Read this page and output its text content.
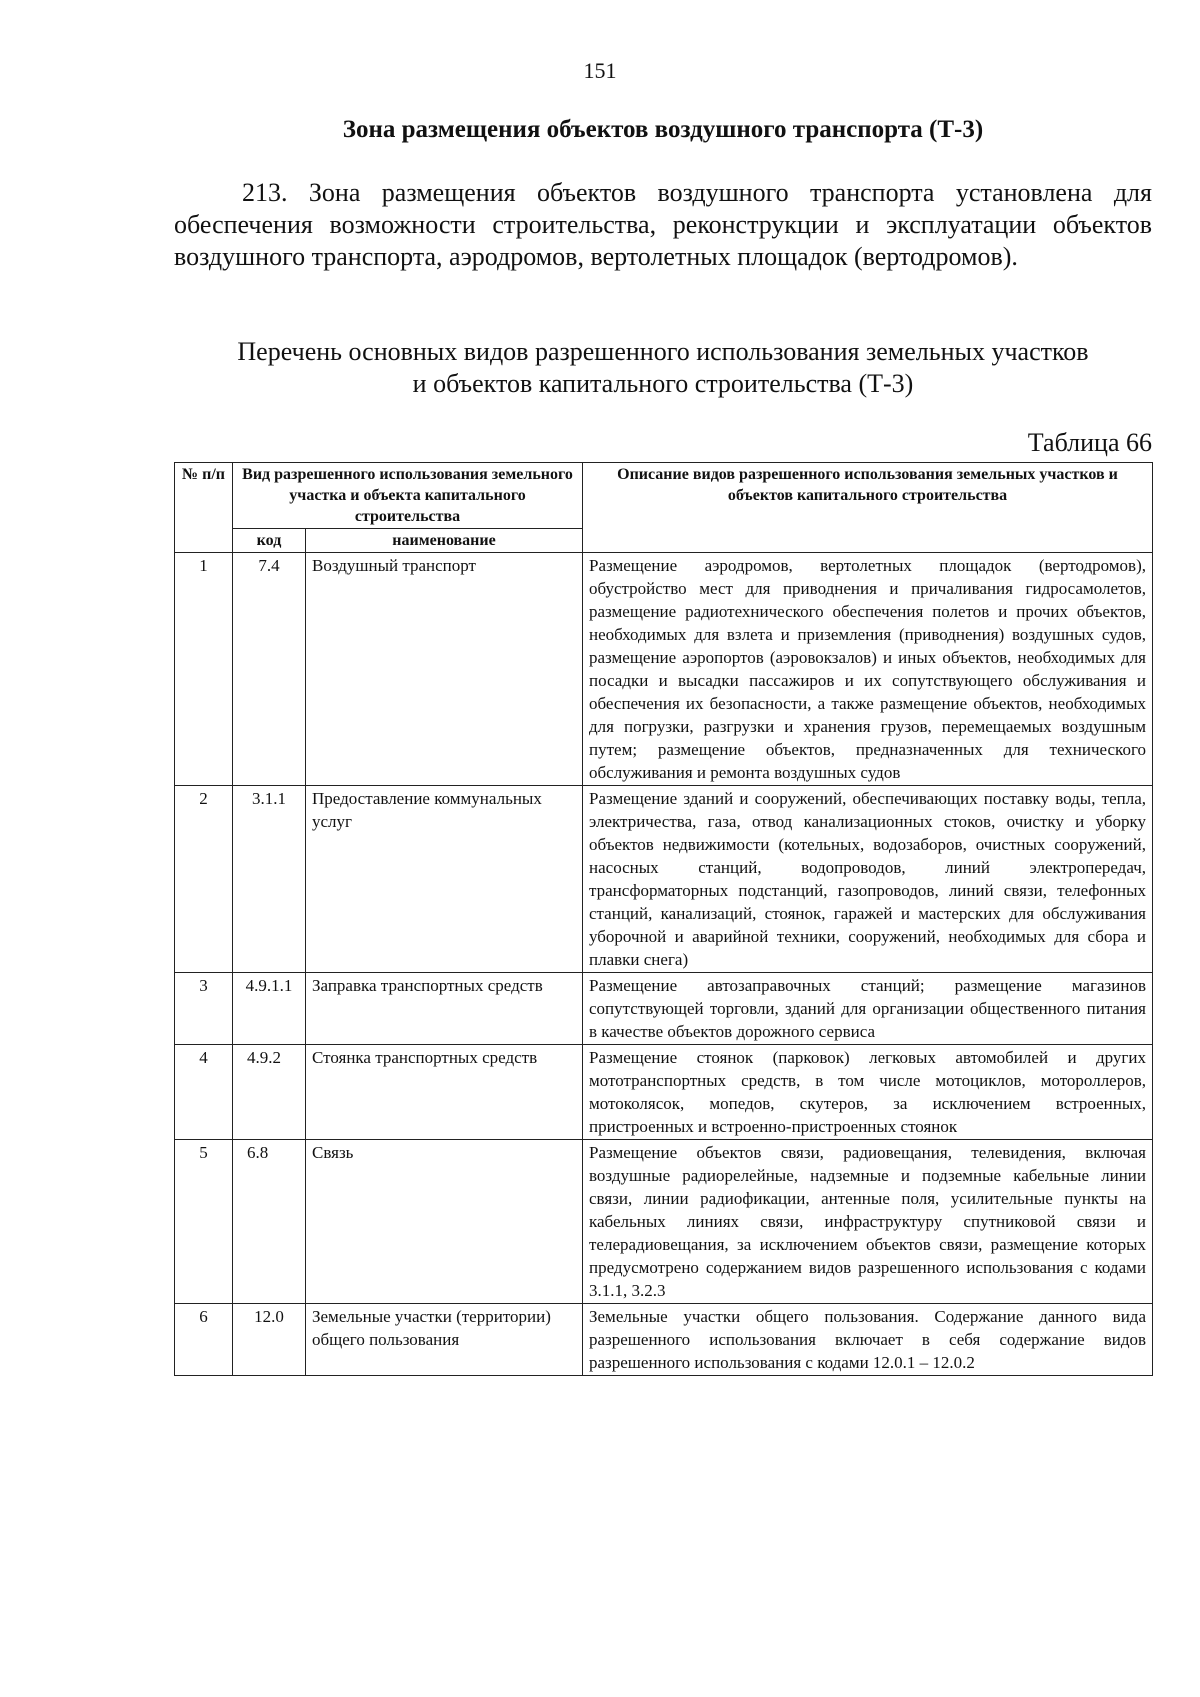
151
Зона размещения объектов воздушного транспорта (Т-3)

213. Зона размещения объектов воздушного транспорта установлена для обеспечения возможности строительства, реконструкции и эксплуатации объектов воздушного транспорта, аэродромов, вертолетных площадок (вертодромов).

Перечень основных видов разрешенного использования земельных участков
и объектов капитального строительства (Т-3)
Таблица 66
№ п/п	Вид разрешенного использования земельного участка и объекта капитального строительства		Описание видов разрешенного использования земельных участков и объектов капитального строительства
	код	наименование	
1	7.4	Воздушный транспорт	Размещение аэродромов, вертолетных площадок (вертодромов), обустройство мест для приводнения и причаливания гидросамолетов, размещение радиотехнического обеспечения полетов и прочих объектов, необходимых для взлета и приземления (приводнения) воздушных судов, размещение аэропортов (аэровокзалов) и иных объектов, необходимых для посадки и высадки пассажиров и их сопутствующего обслуживания и обеспечения их безопасности, а также размещение объектов, необходимых для погрузки, разгрузки и хранения грузов, перемещаемых воздушным путем; размещение объектов, предназначенных для технического обслуживания и ремонта воздушных судов
2	3.1.1	Предоставление коммунальных услуг	Размещение зданий и сооружений, обеспечивающих поставку воды, тепла, электричества, газа, отвод канализационных стоков, очистку и уборку объектов недвижимости (котельных, водозаборов, очистных сооружений, насосных станций, водопроводов, линий электропередач, трансформаторных подстанций, газопроводов, линий связи, телефонных станций, канализаций, стоянок, гаражей и мастерских для обслуживания уборочной и аварийной техники, сооружений, необходимых для сбора и плавки снега)
3	4.9.1.1	Заправка транспортных средств	Размещение автозаправочных станций; размещение магазинов сопутствующей торговли, зданий для организации общественного питания в качестве объектов дорожного сервиса
4	4.9.2	Стоянка транспортных средств	Размещение стоянок (парковок) легковых автомобилей и других мототранспортных средств, в том числе мотоциклов, мотороллеров, мотоколясок, мопедов, скутеров, за исключением встроенных, пристроенных и встроенно-пристроенных стоянок
5	6.8	Связь	Размещение объектов связи, радиовещания, телевидения, включая воздушные радиорелейные, надземные и подземные кабельные линии связи, линии радиофикации, антенные поля, усилительные пункты на кабельных линиях связи, инфраструктуру спутниковой связи и телерадиовещания, за исключением объектов связи, размещение которых предусмотрено содержанием видов разрешенного использования с кодами 3.1.1, 3.2.3
6	12.0	Земельные участки (территории) общего пользования	Земельные участки общего пользования. Содержание данного вида разрешенного использования включает в себя содержание видов разрешенного использования с кодами 12.0.1 – 12.0.2
